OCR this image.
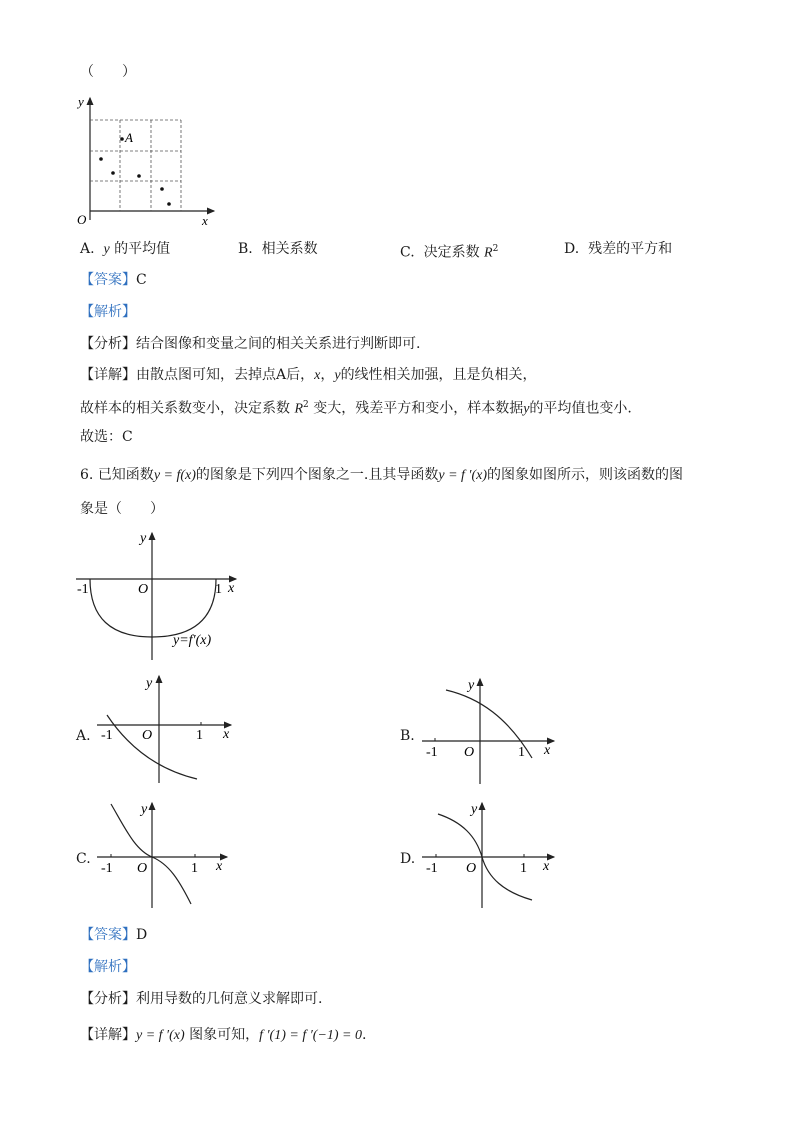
（　　）
y
x
O
A
A. y 的平均值	B. 相关系数	C. 决定系数 $R^2$	D. 残差的平方和
【答案】C
【解析】
【分析】结合图像和变量之间的相关关系进行判断即可.
【详解】由散点图可知，去掉点A后，x，y的线性相关加强，且是负相关，
故样本的相关系数变小，决定系数 $R^2$ 变大，残差平方和变小，样本数据y的平均值也变小.
故选：C
6. 已知函数y = f(x)的图象是下列四个图象之一.且其导函数y = f ′(x)的图象如图所示，则该函数的图
象是（　　）
y
x
O
-1	1
y=f′(x)
A.
y
x
O
-1	1	B.
y
x
O
-1	1
C.
y
x
O
-1	1
D.
y
x
O
-1	1
【答案】D
【解析】
【分析】利用导数的几何意义求解即可.
【详解】y = f ′(x) 图象可知，f ′(1) = f ′(−1) = 0.
